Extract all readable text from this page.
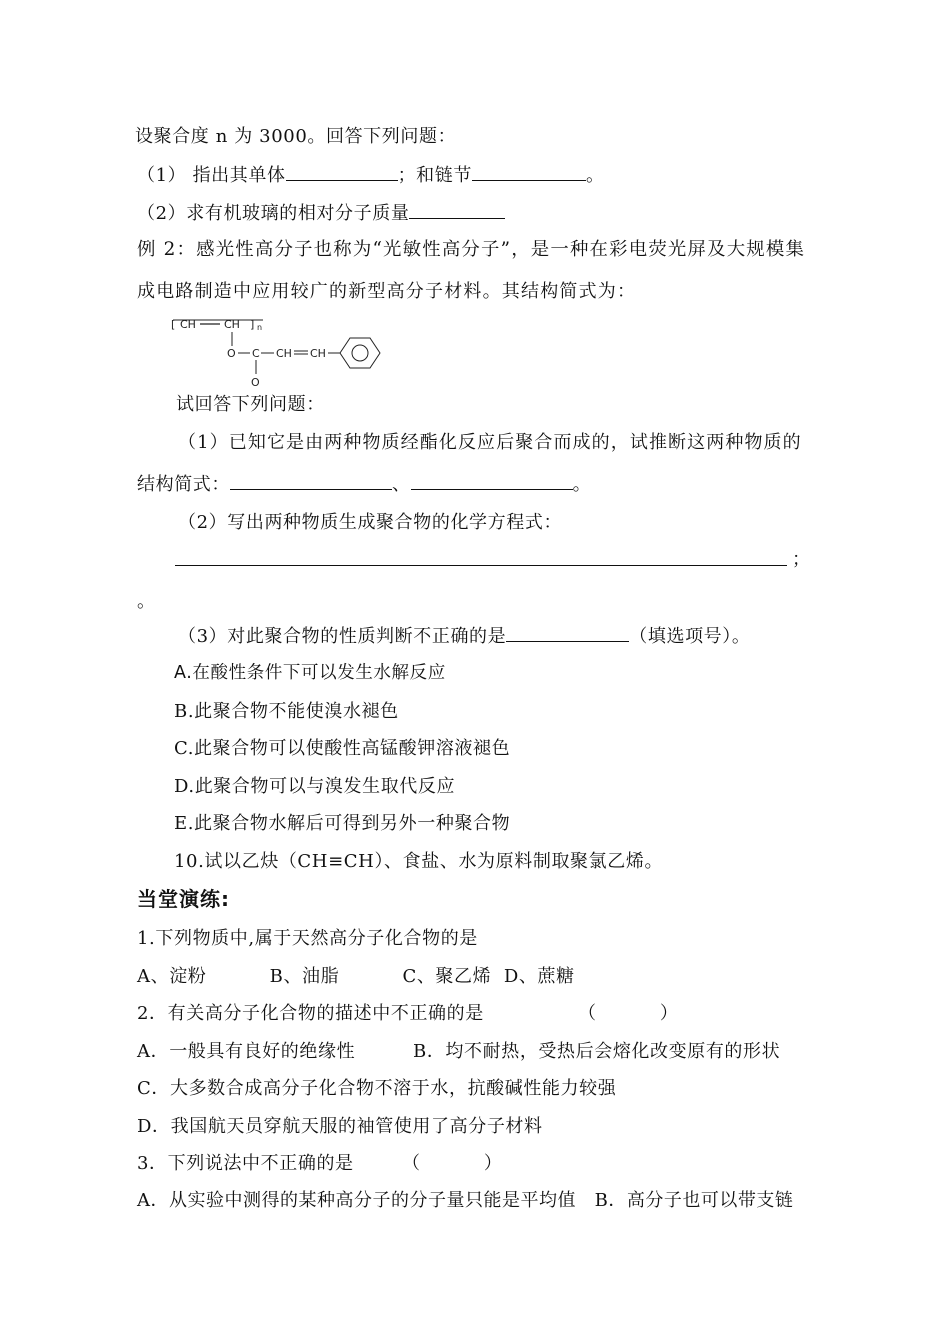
设聚合度 n 为 3000。回答下列问题：
（1） 指出其单体	；和链节	。
（2）求有机玻璃的相对分子质量
例 2：感光性高分子也称为“光敏性高分子”，是一种在彩电荧光屏及大规模集
成电路制造中应用较广的新型高分子材料。其结构简式为：
[ CH	CH ] n
O C CH CH
O
试回答下列问题：
（1）已知它是由两种物质经酯化反应后聚合而成的，试推断这两种物质的
结构简式：	、	。
（2）写出两种物质生成聚合物的化学方程式：
；
。
（3）对此聚合物的性质判断不正确的是	（填选项号）。
A.在酸性条件下可以发生水解反应
B.此聚合物不能使溴水褪色
C.此聚合物可以使酸性高锰酸钾溶液褪色
D.此聚合物可以与溴发生取代反应
E.此聚合物水解后可得到另外一种聚合物
10.试以乙炔（CH≡CH）、食盐、水为原料制取聚氯乙烯。
当堂演练:
1.下列物质中,属于天然高分子化合物的是
A、淀粉          B、油脂          C、聚乙烯  D、蔗糖
2．有关高分子化合物的描述中不正确的是	（          ）
A．一般具有良好的绝缘性	B．均不耐热，受热后会熔化改变原有的形状
C．大多数合成高分子化合物不溶于水，抗酸碱性能力较强
D．我国航天员穿航天服的袖管使用了高分子材料
3．下列说法中不正确的是	（          ）
A．从实验中测得的某种高分子的分子量只能是平均值   B．高分子也可以带支链
